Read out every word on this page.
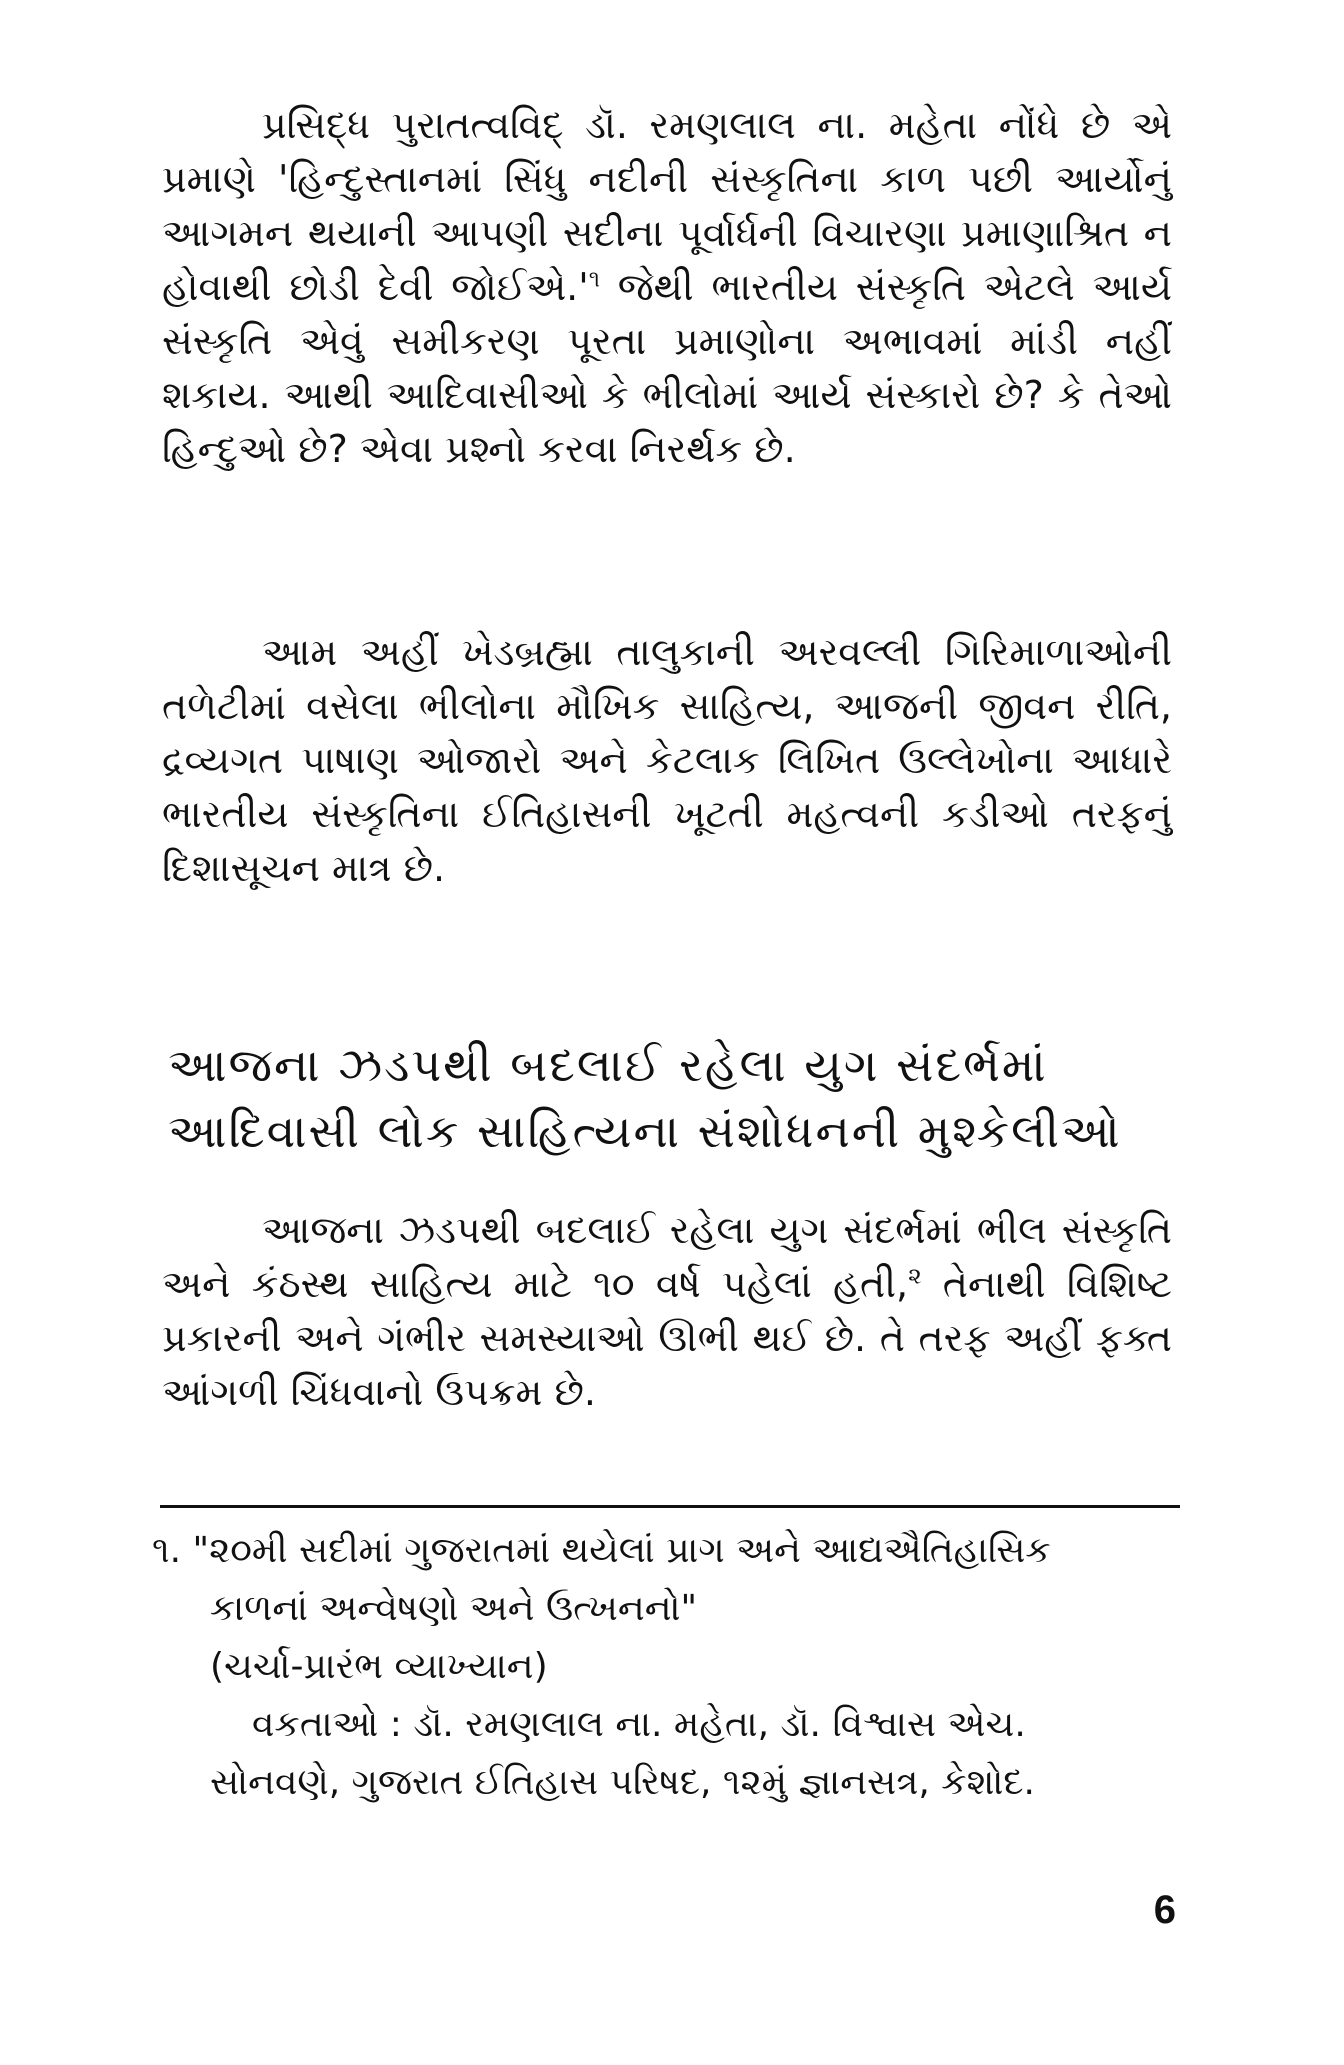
પ્રસિદ્ધ પુરાતત્વવિદ્ ડૉ. રમણલાલ ના. મહેતા નોંધે છે એ પ્રમાણે 'હિન્દુસ્તાનમાં સિંધુ નદીની સંસ્કૃતિના કાળ પછી આર્યોનું આગમન થયાની આપણી સદીના પૂર્વાર્ધની વિચારણા પ્રમાણાશ્રિત ન હોવાથી છોડી દેવી $જોઈએ.'^૧$ જેથી ભારતીય સંસ્કૃતિ એટલે આર્ય સંસ્કૃતિ એવું સમીકરણ પૂરતા પ્રમાણોના અભાવમાં માંડી નહીં શકાય. આથી આદિવાસીઓ કે ભીલોમાં આર્ય સંસ્કારો છે? કે તેઓ હિન્દુઓ છે? એવા પ્રશ્નો કરવા નિરર્થક છે.

આમ અહીં ખેડબ્રહ્મા તાલુકાની અરવલ્લી ગિરિમાળાઓની તળેટીમાં વસેલા ભીલોના મૌખિક સાહિત્ય, આજની જીવન રીતિ, દ્રવ્યગત પાષાણ ઓજારો અને કેટલાક લિખિત ઉલ્લેખોના આધારે ભારતીય સંસ્કૃતિના ઈતિહાસની ખૂટતી મહત્વની કડીઓ તરફનું દિશાસૂચન માત્ર છે.

આજના ઝડપથી બદલાઈ રહેલા યુગ સંદર્ભમાં
આદિવાસી લોક સાહિત્યના સંશોધનની મુશ્કેલીઓ

આજના ઝડપથી બદલાઈ રહેલા યુગ સંદર્ભમાં ભીલ સંસ્કૃતિ અને કંઠસ્થ સાહિત્ય માટે ૧૦ વર્ષ પહેલાં હતી,$^૨$ તેનાથી વિશિષ્ટ પ્રકારની અને ગંભીર સમસ્યાઓ ઊભી થઈ છે. તે તરફ અહીં ફક્ત આંગળી ચિંધવાનો ઉપક્રમ છે.

૧. "૨૦મી સદીમાં ગુજરાતમાં થયેલાં પ્રાગ અને આદ્યઐતિહાસિક
કાળનાં અન્વેષણો અને ઉત્ખનનો"
(ચર્ચા-પ્રારંભ વ્યાખ્યાન)
વકતાઓ : ડૉ. રમણલાલ ના. મહેતા, ડૉ. વિશ્વાસ એચ.
સોનવણે, ગુજરાત ઈતિહાસ પરિષદ, ૧૨મું જ્ઞાનસત્ર, કેશોદ.
6
